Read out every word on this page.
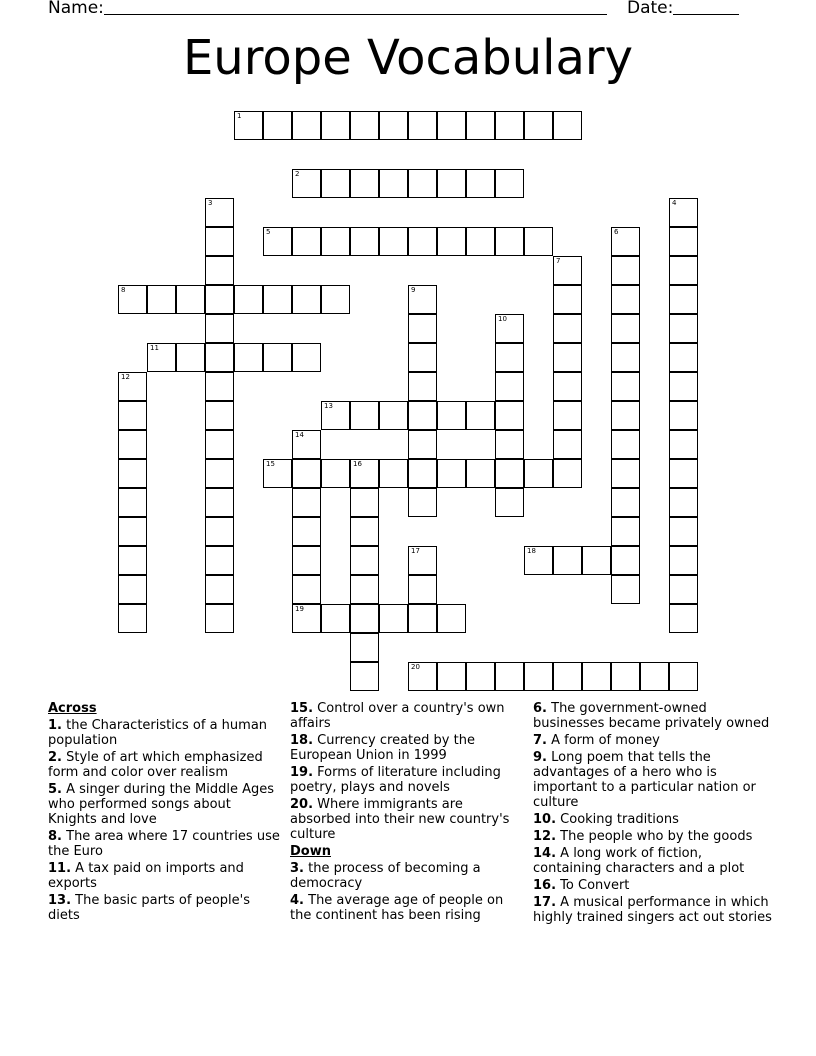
Name:	Date:
Europe Vocabulary
1
2
3	4
5	6
7
8	9
10
11
12
13
14
15	16
17	18
19
20
Across
1. the Characteristics of a human population
2. Style of art which emphasized form and color over realism
5. A singer during the Middle Ages who performed songs about Knights and love
8. The area where 17 countries use the Euro
11. A tax paid on imports and exports
13. The basic parts of people's diets
15. Control over a country's own affairs
18. Currency created by the European Union in 1999
19. Forms of literature including poetry, plays and novels
20. Where immigrants are absorbed into their new country's culture
Down
3. the process of becoming a democracy
4. The average age of people on the continent has been rising
6. The government-owned businesses became privately owned
7. A form of money
9. Long poem that tells the advantages of a hero who is important to a particular nation or culture
10. Cooking traditions
12. The people who by the goods
14. A long work of fiction, containing characters and a plot
16. To Convert
17. A musical performance in which highly trained singers act out stories
